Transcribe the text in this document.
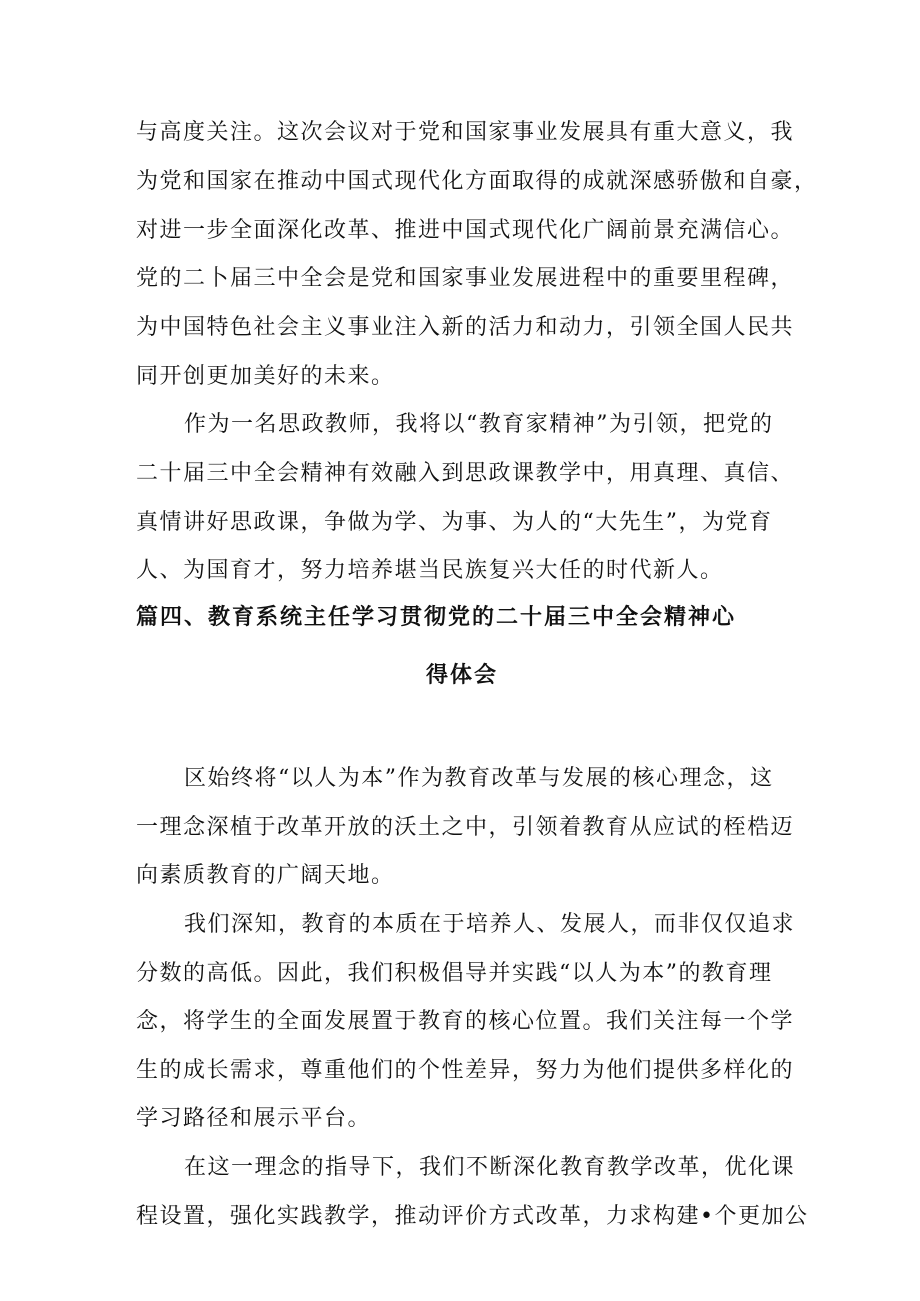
与高度关注。这次会议对于党和国家事业发展具有重大意义，我
为党和国家在推动中国式现代化方面取得的成就深感骄傲和自豪，
对进一步全面深化改革、推进中国式现代化广阔前景充满信心。
党的二卜届三中全会是党和国家事业发展进程中的重要里程碑，
为中国特色社会主义事业注入新的活力和动力，引领全国人民共
同开创更加美好的未来。
作为一名思政教师，我将以“教育家精神”为引领，把党的
二十届三中全会精神有效融入到思政课教学中，用真理、真信、
真情讲好思政课，争做为学、为事、为人的“大先生”，为党育
人、为国育才，努力培养堪当民族复兴大任的时代新人。
篇四、教育系统主任学习贯彻党的二十届三中全会精神心
得体会
区始终将“以人为本”作为教育改革与发展的核心理念，这
一理念深植于改革开放的沃土之中，引领着教育从应试的桎梏迈
向素质教育的广阔天地。
我们深知，教育的本质在于培养人、发展人，而非仅仅追求
分数的高低。因此，我们积极倡导并实践“以人为本”的教育理
念，将学生的全面发展置于教育的核心位置。我们关注每一个学
生的成长需求，尊重他们的个性差异，努力为他们提供多样化的
学习路径和展示平台。
在这一理念的指导下，我们不断深化教育教学改革，优化课
程设置，强化实践教学，推动评价方式改革，力求构建•个更加公
